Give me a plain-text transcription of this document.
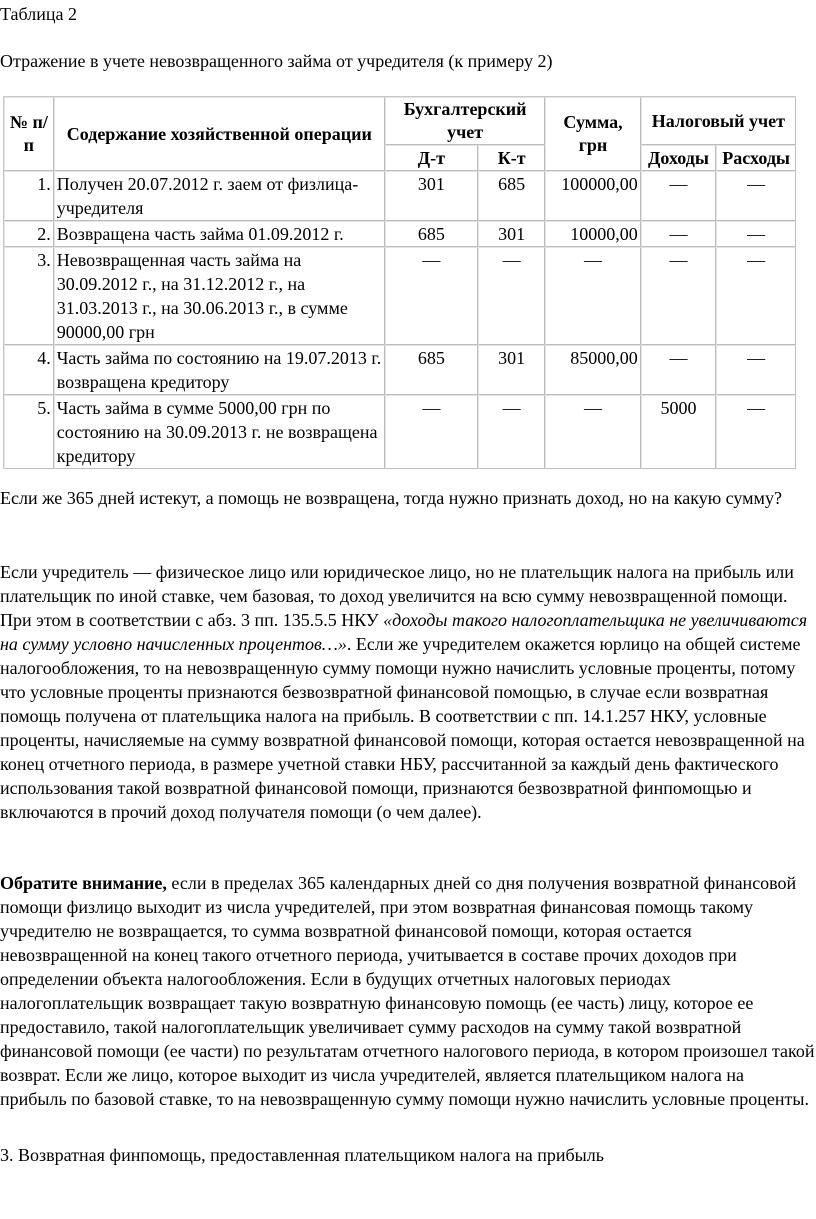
Таблица 2
Отражение в учете невозвращенного займа от учредителя (к примеру 2)
№ п/п	Содержание хозяйственной операции	Бухгалтерский учет		Сумма, грн	Налоговый учет	
		Д-т	К-т		Доходы	Расходы
1.	Получен 20.07.2012 г. заем от физлица-учредителя	301	685	100000,00	—	—
2.	Возвращена часть займа 01.09.2012 г.	685	301	10000,00	—	—
3.	Невозвращенная часть займа на 30.09.2012 г., на 31.12.2012 г., на 31.03.2013 г., на 30.06.2013 г., в сумме 90000,00 грн	—	—	—	—	—
4.	Часть займа по состоянию на 19.07.2013 г. возвращена кредитору	685	301	85000,00	—	—
5.	Часть займа в сумме 5000,00 грн по состоянию на 30.09.2013 г. не возвращена кредитору	—	—	—	5000	—

Если же 365 дней истекут, а помощь не возвращена, тогда нужно признать доход, но на какую сумму?

Если учредитель — физическое лицо или юридическое лицо, но не плательщик налога на прибыль или плательщик по иной ставке, чем базовая, то доход увеличится на всю сумму невозвращенной помощи. При этом в соответствии с абз. 3 пп. 135.5.5 НКУ «доходы такого налогоплательщика не увеличиваются на сумму условно начисленных процентов…». Если же учредителем окажется юрлицо на общей системе налогообложения, то на невозвращенную сумму помощи нужно начислить условные проценты, потому что условные проценты признаются безвозвратной финансовой помощью, в случае если возвратная помощь получена от плательщика налога на прибыль. В соответствии с пп. 14.1.257 НКУ, условные проценты, начисляемые на сумму возвратной финансовой помощи, которая остается невозвращенной на конец отчетного периода, в размере учетной ставки НБУ, рассчитанной за каждый день фактического использования такой возвратной финансовой помощи, признаются безвозвратной финпомощью и включаются в прочий доход получателя помощи (о чем далее).

Обратите внимание, если в пределах 365 календарных дней со дня получения возвратной финансовой помощи физлицо выходит из числа учредителей, при этом возвратная финансовая помощь такому учредителю не возвращается, то сумма возвратной финансовой помощи, которая остается невозвращенной на конец такого отчетного периода, учитывается в составе прочих доходов при определении объекта налогообложения. Если в будущих отчетных налоговых периодах налогоплательщик возвращает такую возвратную финансовую помощь (ее часть) лицу, которое ее предоставило, такой налогоплательщик увеличивает сумму расходов на сумму такой возвратной финансовой помощи (ее части) по результатам отчетного налогового периода, в котором произошел такой возврат. Если же лицо, которое выходит из числа учредителей, является плательщиком налога на прибыль по базовой ставке, то на невозвращенную сумму помощи нужно начислить условные проценты.

3. Возвратная финпомощь, предоставленная плательщиком налога на прибыль
